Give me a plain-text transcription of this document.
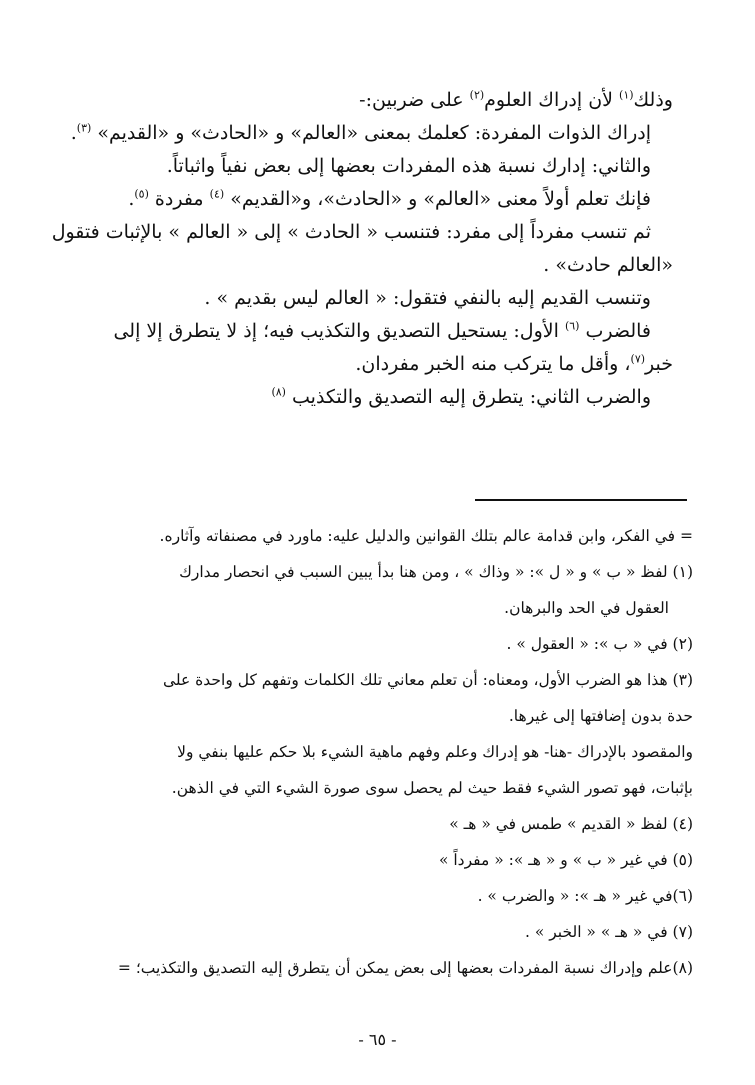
وذلك$^{(١)}$ لأن إدراك العلوم$^{(٢)}$ على ضربين:-

إدراك الذوات المفردة: كعلمك بمعنى «العالم» و «الحادث» و «القديم» $^{(٣)}$.

والثاني: إدارك نسبة هذه المفردات بعضها إلى بعض نفياً واثباتاً.

فإنك تعلم أولاً معنى «العالم» و «الحادث»، و«القديم» $^{(٤)}$ مفردة $^{(٥)}$.

ثم تنسب مفرداً إلى مفرد: فتنسب « الحادث » إلى « العالم » بالإثبات فتقول

«العالم حادث» .

وتنسب القديم إليه بالنفي فتقول: « العالم ليس بقديم » .

فالضرب $^{(٦)}$ الأول: يستحيل التصديق والتكذيب فيه؛ إذ لا يتطرق إلا إلى

خبر$^{(٧)}$، وأقل ما يتركب منه الخبر مفردان.

والضرب الثاني: يتطرق إليه التصديق والتكذيب $^{(٨)}$

= في الفكر، وابن قدامة عالم بتلك القوانين والدليل عليه: ماورد في مصنفاته وآثاره.

(١) لفظ « ب » و « ل »: « وذاك » ، ومن هنا بدأ يبين السبب في انحصار مدارك

العقول في الحد والبرهان.

(٢) في « ب »: « العقول » .

(٣) هذا هو الضرب الأول، ومعناه: أن تعلم معاني تلك الكلمات وتفهم كل واحدة على

حدة بدون إضافتها إلى غيرها.

والمقصود بالإدراك -هنا- هو إدراك وعلم وفهم ماهية الشيء بلا حكم عليها بنفي ولا

بإثبات، فهو تصور الشيء فقط حيث لم يحصل سوى صورة الشيء التي في الذهن.

(٤) لفظ « القديم » طمس في « هـ »

(٥) في غير « ب » و « هـ »: « مفرداً »

(٦)في غير « هـ »: « والضرب » .

(٧) في « هـ » « الخبر » .

(٨)علم وإدراك نسبة المفردات بعضها إلى بعض يمكن أن يتطرق إليه التصديق والتكذيب؛ =

- ٦٥ -
